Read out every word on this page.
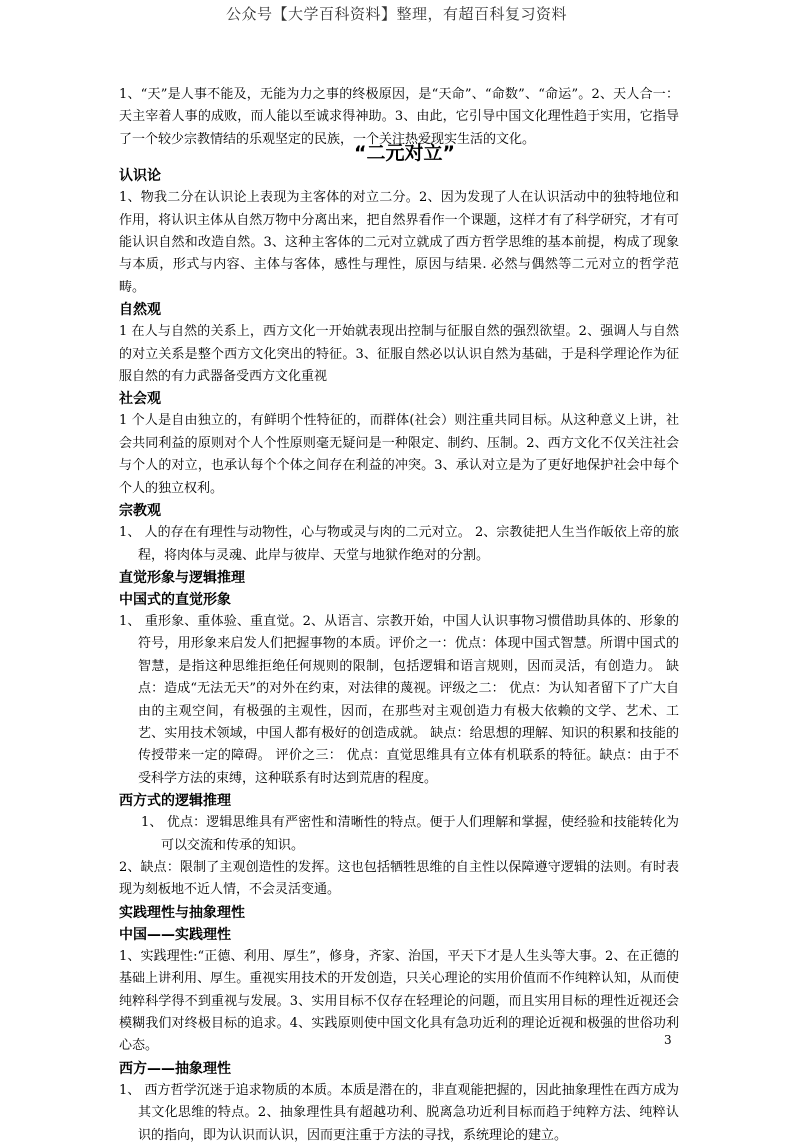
公众号【大学百科资料】整理，有超百科复习资料

1、“天”是人事不能及，无能为力之事的终极原因，是“天命”、“命数”、“命运”。2、天人合一：天主宰着人事的成败，而人能以至诚求得神助。3、由此，它引导中国文化理性趋于实用，它指导了一个较少宗教情结的乐观坚定的民族，一个关注热爱现实生活的文化。

“二元对立”

认识论

1、物我二分在认识论上表现为主客体的对立二分。2、因为发现了人在认识活动中的独特地位和作用，将认识主体从自然万物中分离出来，把自然界看作一个课题，这样才有了科学研究，才有可能认识自然和改造自然。3、这种主客体的二元对立就成了西方哲学思维的基本前提，构成了现象与本质，形式与内容、主体与客体，感性与理性，原因与结果. 必然与偶然等二元对立的哲学范畴。

自然观

1 在人与自然的关系上，西方文化一开始就表现出控制与征服自然的强烈欲望。2、强调人与自然的对立关系是整个西方文化突出的特征。3、征服自然必以认识自然为基础，于是科学理论作为征服自然的有力武器备受西方文化重视

社会观

1 个人是自由独立的，有鲜明个性特征的，而群体(社会）则注重共同目标。从这种意义上讲，社会共同利益的原则对个人个性原则毫无疑问是一种限定、制约、压制。2、西方文化不仅关注社会与个人的对立，也承认每个个体之间存在利益的冲突。3、承认对立是为了更好地保护社会中每个个人的独立权利。

宗教观

1、 人的存在有理性与动物性，心与物或灵与肉的二元对立。 2、宗教徒把人生当作皈依上帝的旅程，将肉体与灵魂、此岸与彼岸、天堂与地狱作绝对的分割。

直觉形象与逻辑推理

中国式的直觉形象

1、 重形象、重体验、重直觉。2、从语言、宗教开始，中国人认识事物习惯借助具体的、形象的符号，用形象来启发人们把握事物的本质。评价之一：优点：体现中国式智慧。所谓中国式的智慧，是指这种思维拒绝任何规则的限制，包括逻辑和语言规则，因而灵活，有创造力。 缺点：造成“无法无天”的对外在约束，对法律的蔑视。评级之二： 优点：为认知者留下了广大自由的主观空间，有极强的主观性，因而，在那些对主观创造力有极大依赖的文学、艺术、工艺、实用技术领域，中国人都有极好的创造成就。 缺点：给思想的理解、知识的积累和技能的传授带来一定的障碍。 评价之三： 优点：直觉思维具有立体有机联系的特征。缺点：由于不受科学方法的束缚，这种联系有时达到荒唐的程度。

西方式的逻辑推理

1、 优点：逻辑思维具有严密性和清晰性的特点。便于人们理解和掌握，使经验和技能转化为可以交流和传承的知识。

2、缺点：限制了主观创造性的发挥。这也包括牺牲思维的自主性以保障遵守逻辑的法则。有时表现为刻板地不近人情，不会灵活变通。

实践理性与抽象理性

中国——实践理性

1、实践理性:“正德、利用、厚生”，修身，齐家、治国，平天下才是人生头等大事。2、在正德的基础上讲利用、厚生。重视实用技术的开发创造，只关心理论的实用价值而不作纯粹认知，从而使纯粹科学得不到重视与发展。3、实用目标不仅存在轻理论的问题，而且实用目标的理性近视还会模糊我们对终极目标的追求。4、实践原则使中国文化具有急功近利的理论近视和极强的世俗功利心态。

西方——抽象理性

1、 西方哲学沉迷于追求物质的本质。本质是潜在的，非直观能把握的，因此抽象理性在西方成为其文化思维的特点。2、抽象理性具有超越功利、脱离急功近利目标而趋于纯粹方法、纯粹认识的指向，即为认识而认识，因而更注重于方法的寻找，系统理论的建立。

3
